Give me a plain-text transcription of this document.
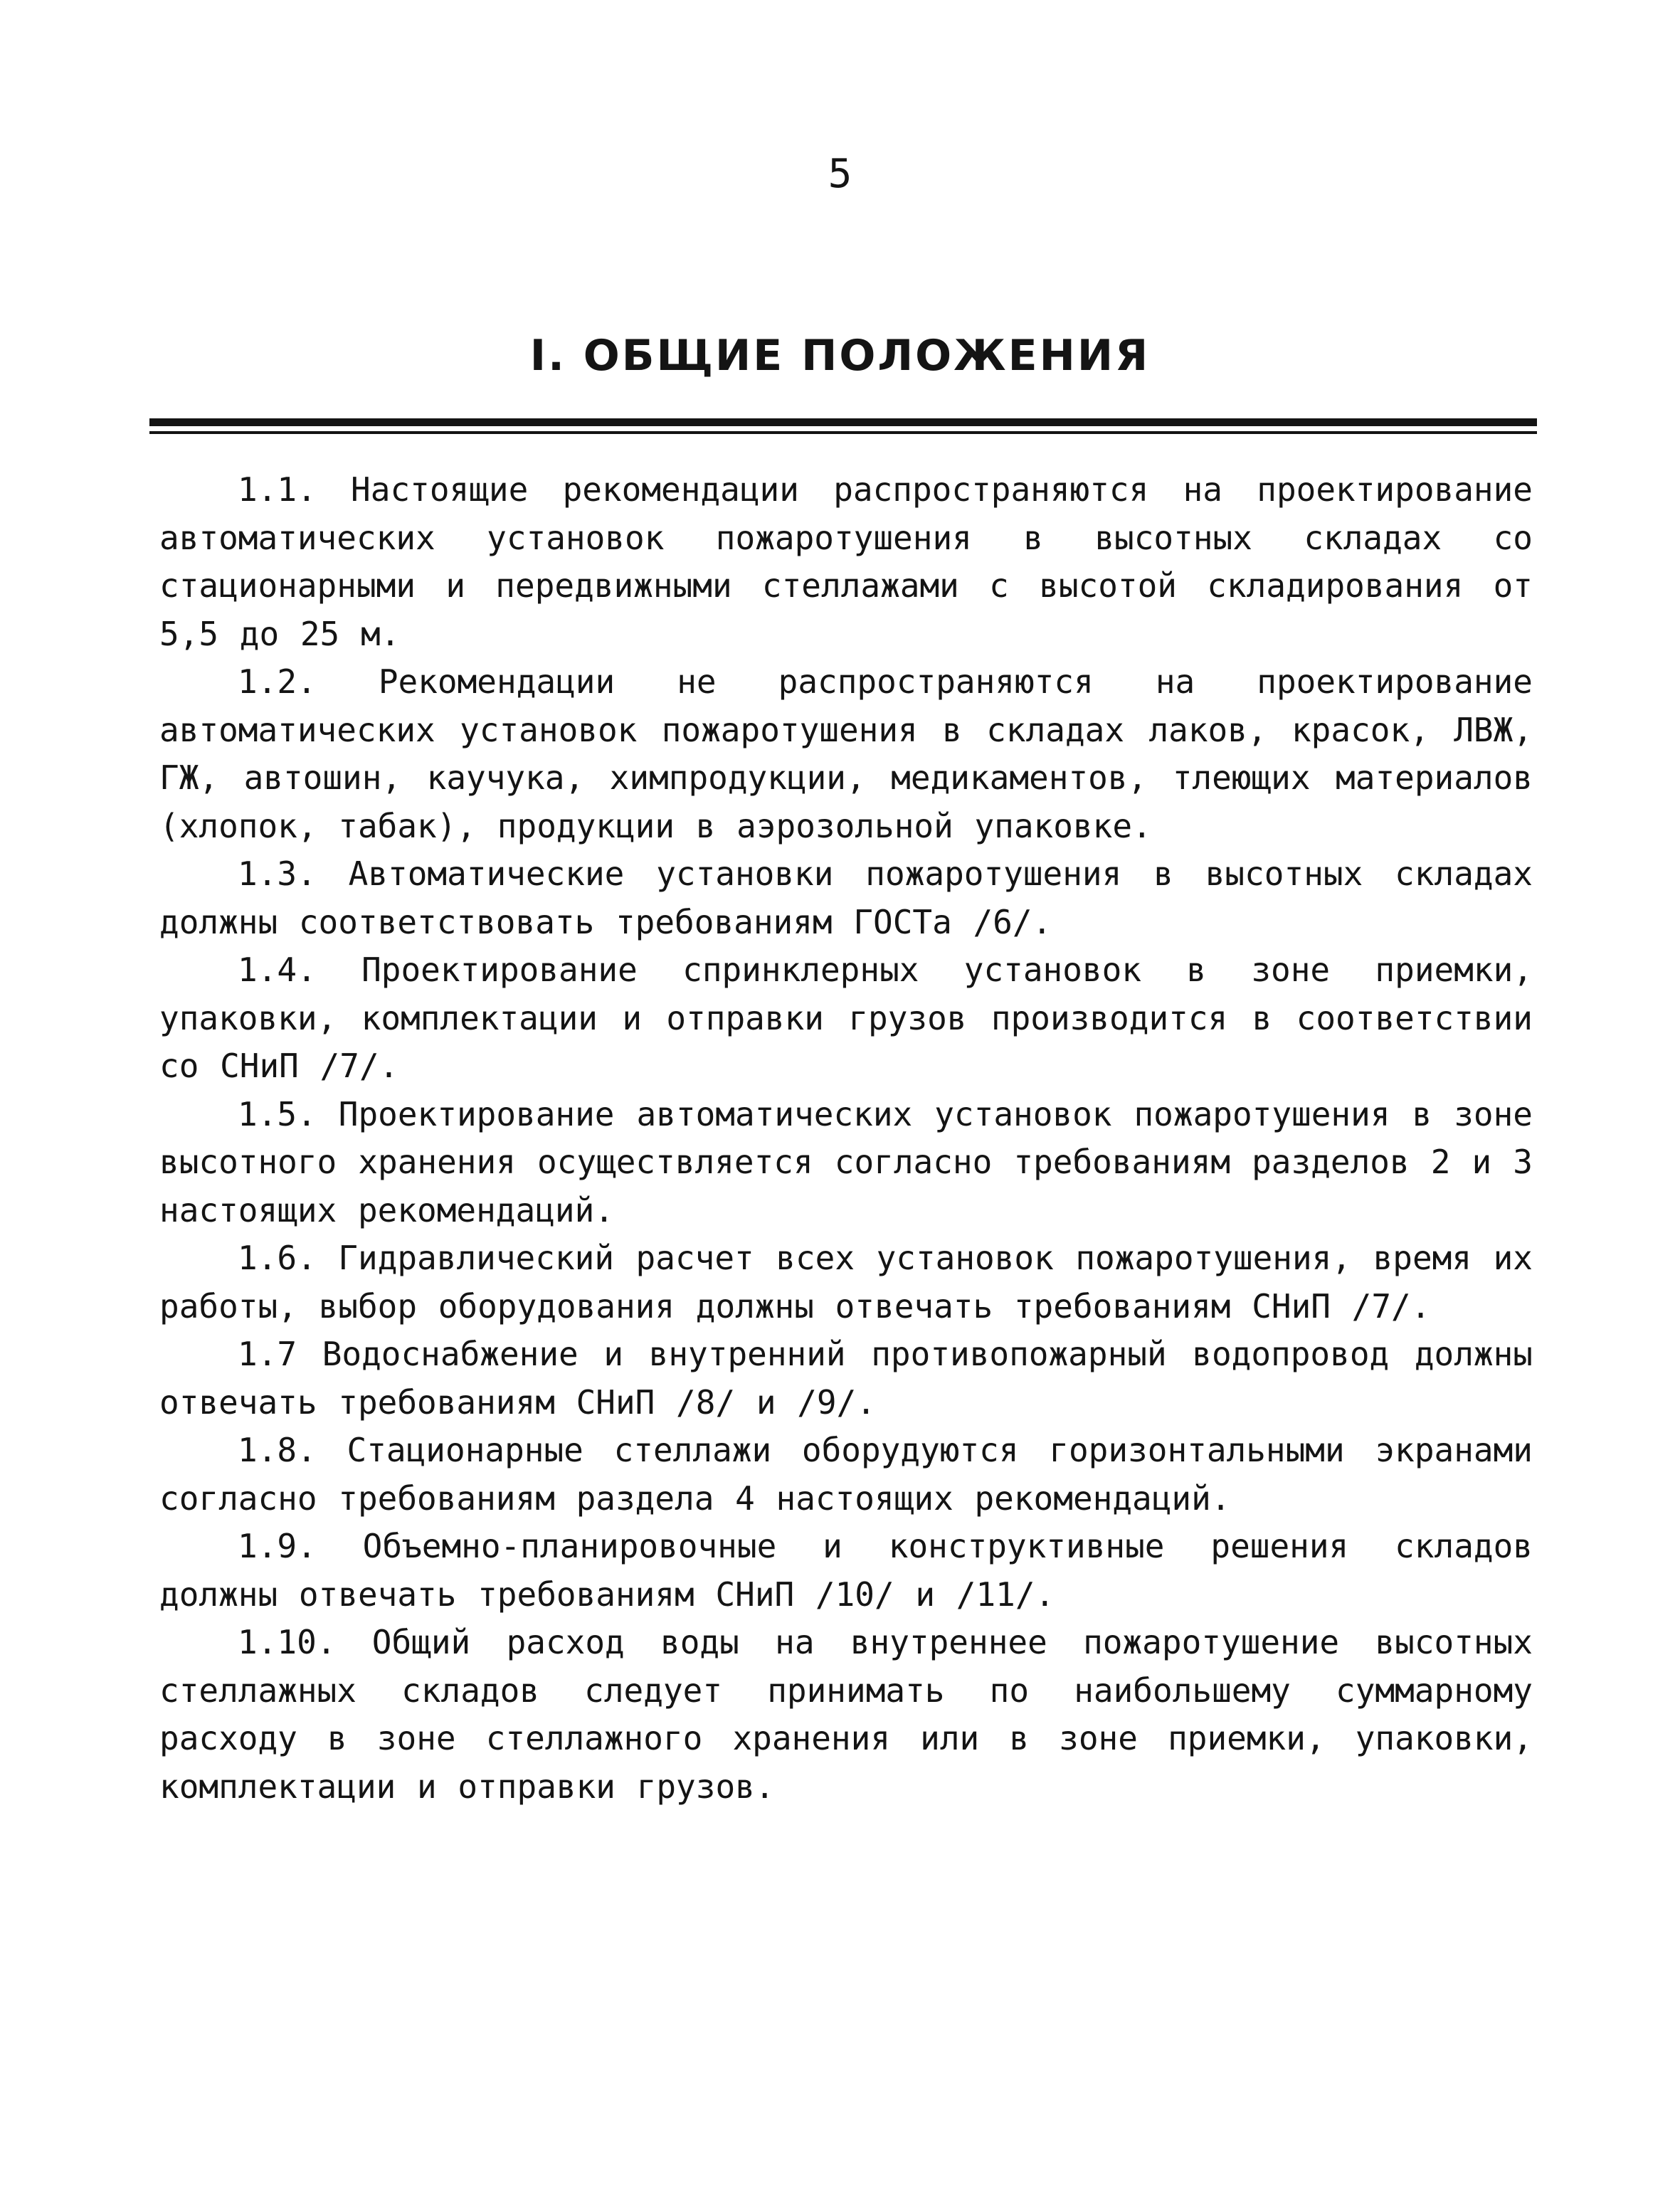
5
I. ОБЩИЕ ПОЛОЖЕНИЯ

1.1. Настоящие рекомендации распространяются на проектирование автоматических установок пожаротушения в высотных складах со стационарными и передвижными стеллажами с высотой складирования от 5,5 до 25 м.

1.2. Рекомендации не распространяются на проектирование автоматических установок пожаротушения в складах лаков, красок, ЛВЖ, ГЖ, автошин, каучука, химпродукции, медикаментов, тлеющих материалов (хлопок, табак), продукции в аэрозольной упаковке.

1.3. Автоматические установки пожаротушения в высотных складах должны соответствовать требованиям ГОСТа /6/.

1.4. Проектирование спринклерных установок в зоне приемки, упаковки, комплектации и отправки грузов производится в соответствии со СНиП /7/.

1.5. Проектирование автоматических установок пожаротушения в зоне высотного хранения осуществляется согласно требованиям разделов 2 и 3 настоящих рекомендаций.

1.6. Гидравлический расчет всех установок пожаротушения, время их работы, выбор оборудования должны отвечать требованиям СНиП /7/.

1.7 Водоснабжение и внутренний противопожарный водопровод должны отвечать требованиям СНиП /8/ и /9/.

1.8. Стационарные стеллажи оборудуются горизонтальными экранами согласно требованиям раздела 4 настоящих рекомендаций.

1.9. Объемно-планировочные и конструктивные решения складов должны отвечать требованиям СНиП /10/ и /11/.

1.10. Общий расход воды на внутреннее пожаротушение высотных стеллажных складов следует принимать по наибольшему суммарному расходу в зоне стеллажного хранения или в зоне приемки, упаковки, комплектации и отправки грузов.
